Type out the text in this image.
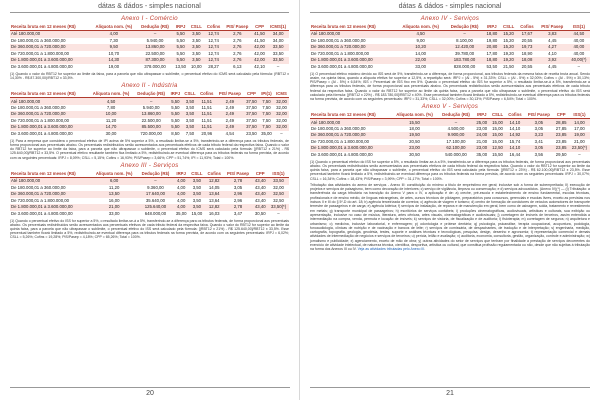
dátas & dádos - simples nacional
Anexo I - Comércio
Receita bruta em 12 meses (R$)	Alíquota nom. (%)	Dedução (R$)	IRPJ	CSLL	Cofins	PIS/ Pasep	CPP	ICMS(1)
Até 180.000,00	4,00	–	5,50	3,50	12,74	2,76	41,50	34,00
De 180.000,01 a 360.000,00	7,30	5.940,00	5,50	3,50	12,74	2,76	41,50	34,00
De 360.000,01 a 720.000,00	9,50	13.860,00	5,50	3,50	12,74	2,76	42,00	33,50
De 720.000,01 a 1.800.000,00	10,70	22.500,00	5,50	3,50	12,74	2,76	42,00	33,50
De 1.800.000,01 a 3.600.000,00	14,30	87.300,00	5,50	3,50	12,74	2,76	42,00	33,50
De 3.600.000,01 a 4.800.000,00	19,00	378.000,00	13,50	10,00	28,27	6,13	42,10	–

(1) Quando o valor do RBT12 for superior ao limite da faixa, para a parcela que não ultrapassar o sublimite, o percentual efetivo do ICMS será calculado pela fórmula: (RBT12 x 14,30% - R$ 87.300,00)/RBT12 x 33,5%.

Anexo II - Indústria
Receita bruta em 12 meses (R$)	Alíquota nom. (%)	Dedução (R$)	IRPJ	CSLL	Cofins	PIS/ Pasep	CPP	IPI(1)	ICMS
Até 180.000,00	4,50	–	5,50	3,50	11,51	2,49	37,50	7,50	32,00
De 180.000,01 a 360.000,00	7,80	5.940,00	5,50	3,50	11,51	2,49	37,50	7,50	32,00
De 360.000,01 a 720.000,00	10,00	13.860,00	5,50	3,50	11,51	2,49	37,50	7,50	32,00
De 720.000,01 a 1.800.000,00	11,20	22.500,00	5,50	3,50	11,51	2,49	37,50	7,50	32,00
De 1.800.000,01 a 3.600.000,00	14,70	85.500,00	5,50	3,50	11,51	2,49	37,50	7,50	32,00
De 3.600.000,01 a 4.800.000,00	30,00	720.000,00	8,50	7,50	20,96	4,54	23,50	35,00	–

(1) Para a empresa que considera o percentual efetivo de IPI acima de 5% superior a 5%, a resultado limitar-se a 5%, transferindo-se a diferença para os tributos federais, de forma proporcional aos percentuais abaixo. Os percentuais redistribuídos serão acrescentados aos percentuais efetivos de cada tributo federal da respectiva faixa. Quando o valor do RBT12 for superior ao limite da faixa, para a parcela que não ultrapassar o sublimite, o percentual efetivo do ICMS será calculado pela fórmula: [(RBT12 x 21%) - R$ 125.640,00]/RBT12 x 33,5%. O percentual efetivo resultante também fica limitado a 5%, redistribuindo-se eventual diferença para os tributos federais na forma prevista, de acordo com os seguintes percentuais: IRPJ = 8,09%; CSLL = 5,15%; Cofins = 16,93%; PIS/Pasep = 3,66%; CPP = 51,74%; IPI = 11,93%; Total = 100%.

Anexo III - Serviços
Receita bruta em 12 meses (R$)	Alíquota nom. (%)	Dedução (R$)	IRPJ	CSLL	Cofins	PIS/ Pasep	CPP	ISS(1)
Até 180.000,00	6,00	–	4,00	3,50	12,82	2,78	43,40	33,50
De 180.000,01 a 360.000,00	11,20	9.360,00	4,00	3,50	14,05	3,05	43,40	32,00
De 360.000,01 a 720.000,00	13,50	17.640,00	4,00	3,50	13,64	2,96	43,40	32,50
De 720.000,01 a 1.800.000,00	16,00	35.640,00	4,00	3,50	13,64	2,96	43,40	32,50
De 1.800.000,01 a 3.600.000,00	21,00	125.640,00	4,00	3,50	12,82	2,78	43,40	33,50(*)
De 3.600.000,01 a 4.800.000,00	33,00	648.000,00	35,00	15,00	16,03	3,47	30,50	–

(1) Quando o percentual efetivo do ISS for superior a 5%, o resultado limitar-se-á a 5%, transferindo-se a diferença para os tributos federais, de forma proporcional aos percentuais abaixo. Os percentuais redistribuídos serão acrescentados aos percentuais efetivos de cada tributo federal da respectiva faixa. Quando o valor do RBT12 for superior ao limite da quinta faixa, para a parcela que não ultrapassar o sublimite, o percentual efetivo do ISS será calculado pela fórmula: [(RBT12 x 21%) - R$ 125.640,00]/RBT12 x 33,5%. Esse percentual também ficará limitado a 5%, redistribuindo-se eventual diferença para os tributos federais na forma prevista, de acordo com os seguintes percentuais: IRPJ = 6,02%; CSLL = 5,26%; Cofins = 19,28%; PIS/Pasep = 4,18%; CPP = 65,26%; Total = 100%.

20
dátas & dádos - simples nacional
Anexo IV - Serviços
Receita bruta em 12 meses (R$)	Alíquota nom. (%)	Dedução (R$)	IRPJ	CSLL	Cofins	PIS/ Pasep	ISS(1)
Até 180.000,00	4,50	–	18,80	15,20	17,67	3,83	44,50
De 180.000,01 a 360.000,00	9,00	8.100,00	19,80	15,20	20,55	4,45	40,00
De 360.000,01 a 720.000,00	10,20	12.420,00	20,80	15,20	19,73	4,27	40,00
De 720.000,01 a 1.800.000,00	14,00	39.780,00	17,80	19,20	18,90	4,10	40,00
De 1.800.000,01 a 3.600.000,00	22,00	183.780,00	18,80	19,20	18,08	3,92	40,00(*)
De 3.600.000,01 a 4.800.000,00	33,00	828.000,00	53,50	21,50	20,55	4,45	–

(1) O percentual efetivo máximo devido ao ISS será de 5%, transferindo-se a diferença, de forma proporcional, aos tributos federais da mesma faixa de receita bruta anual. Sendo assim, na quinta faixa, quando a alíquota efetiva for superior a 12,5%, a repartição será: IRPJ = (Al - 5%) x 31,33%; CSLL = (Al - 5%) x 32,00%; Cofins = (Al - 5%) x 30,13%; PIS/Pasep = (Al - 5%) x 6,54%; ISS = Percentual de ISS fixo em 5%. Quando o percentual efetivo do ISS for superior a 5%, o resultado limitar-se-á a 5%, transferindo-se a diferença para os tributos federais, de forma proporcional aos percentuais abaixo. Os percentuais redistribuídos serão acrescentados aos percentuais efetivos de cada tributo federal da respectiva faixa. Quando o valor do RBT12 for superior ao limite da quinta faixa, para a parcela que não ultrapassar o sublimite, o percentual efetivo do ISS será calculado pela fórmula: [(RBT12 x 22%) - R$ 183.780,00]/RBT12 x 40%. Esse percentual também ficará limitado a 5%, redistribuindo-se eventual diferença para os tributos federais na forma prevista, de acordo com os seguintes percentuais: IRPJ = 31,33%; CSLL = 32,00%; Cofins = 30,13%; PIS/Pasep = 6,54%; Total = 100%.

Anexo V - Serviços
Receita bruta em 12 meses (R$)	Alíquota nom. (%)	Dedução (R$)	IRPJ	CSLL	Cofins	PIS/ Pasep	CPP	ISS(1)
Até 180.000,00	15,50	–	25,00	15,00	14,10	3,05	28,85	14,00
De 180.000,01 a 360.000,00	18,00	4.500,00	23,00	15,00	14,10	3,05	27,85	17,00
De 360.000,01 a 720.000,00	19,50	9.900,00	24,00	15,00	14,92	3,23	23,85	19,00
De 720.000,01 a 1.800.000,00	20,50	17.100,00	21,00	15,00	15,74	3,41	23,85	21,00
De 1.800.000,01 a 3.600.000,00	23,00	62.100,00	23,00	12,50	14,10	3,05	23,85	23,50(*)
De 3.600.000,01 a 4.800.000,00	30,50	540.000,00	35,00	15,50	16,44	3,56	29,50	–

(1) Quando o percentual efetivo do ISS for superior a 5%, o resultado limitar-se-á a 5%, transferindo-se a diferença para os tributos federais, de forma proporcional aos percentuais abaixo. Os percentuais redistribuídos serão acrescentados aos percentuais efetivos de cada tributo federal da respectiva faixa. Quando o valor do RBT12 for superior ao limite da quinta faixa, para a parcela que não ultrapassar o sublimite, o percentual efetivo do ISS será calculado pela fórmula: [(RBT12 x 23%) - R$ 62.100,00]/RBT12 x 23,5%. Esse percentual também ficará limitado a 5%, redistribuindo-se eventual diferença para os tributos federais na forma prevista, de acordo com os seguintes percentuais: IRPJ = 30,07%; CSLL = 16,34%; Cofins = 18,43%; PIS/Pasep = 3,99%; CPP = 31,17%; Total = 100%.

Tributação das atividades do anexo de serviços - Anexo III: constituição do mínimo a título de empréstimo em geral; inclusive sob a forma de subempreitada; II) execução de projetos e serviços de paisagismo, bem como decoração de interiores; c) serviço de vigilância, limpeza ou conservação; e d) serviços advocatícios. (Anexo IV)(*) — (I) Tributação: a transferência da carga tributária na transição do Anexo V para o IV, a aplicação é de: a) creche, pré-escola e estabelecimento de ensino fundamental, escolas técnicas, profissionais e de ensino médio, de línguas estrangeiras, de artes, cursos técnicos de pilotagem, preparatórios para concursos, gerenciais e escolas livres, exceto as previstas nos incisos II e III do § 5º-D do art. 18; b) agência terceirizada de correios; c) agência de viagem e turismo; d) centro de formação de condutores de veículos automotores de transporte terrestre de passageiros e de carga; e) agência lotérica; f) serviços de instalação, de reparos e de manutenção em geral, bem como de usinagem, solda, tratamento e revestimento em metais; g) transporte municipal de passageiros; h) escritórios de serviços contábeis; i) produções cinematográficas, audiovisuais, artísticas e culturais, sua exibição ou apresentação, inclusive no caso de música, literatura, artes cênicas, artes visuais, cinematográficas e audiovisuais; j) corretagem de imóveis de terceiros, assim entendida a intermediação na compra, venda, permuta e locação de imóveis; k) serviços de vistoria, de fiscalização e de auditoria; l) fisioterapia; m) corretagem de seguros; n) arquitetura e urbanismo; o) medicina, inclusive laboratorial, e enfermagem; p) odontologia e prótese dentária; q) psicologia, psicanálise, terapia ocupacional, acupuntura, podologia, fonoaudiologia, clínicas de nutrição e de vacinação e bancos de leite; r) serviços de comissária, de despachantes, de tradução e de interpretação; s) engenharia, medição, cartografia, topografia, geologia, geodésia, testes, suporte e análises técnicas e tecnológicas, pesquisa, design, desenho e agronomia; t) representação comercial e demais atividades de intermediação de negócios e serviços de terceiros; u) perícia, leilão e avaliação; v) auditoria, economia, consultoria, gestão, organização, controle e administração; w) jornalismo e publicidade; x) agenciamento, exceto de mão de obra; y) outras atividades do setor de serviços que tenham por finalidade a prestação de serviços decorrentes do exercício de atividade intelectual, de natureza técnica, científica, desportiva, artística ou cultural, que constitua profissão regulamentada ou não, desde que não sujeitas à tributação na forma dos Anexos III ou IV. Veja as atividades tributadas pelo Anexo III.

21
